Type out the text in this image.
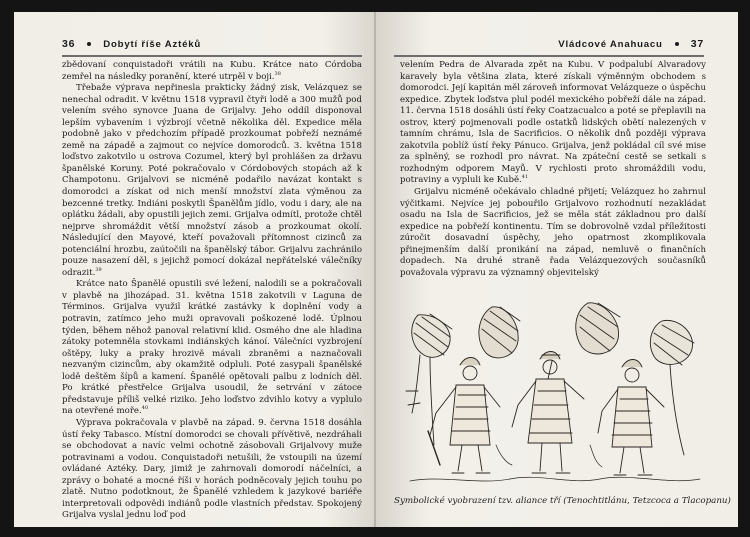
36	Dobytí říše Aztéků

zbědovaní conquistadoři vrátili na Kubu. Krátce nato Córdoba zemřel na následky poranění, které utrpěl v boji.$^{38}$

Třebaže výprava nepřinesla prakticky žádný zisk, Velázquez se nenechal odradit. V květnu 1518 vypravil čtyři lodě a 300 mužů pod velením svého synovce Juana de Grijalvy. Jeho oddíl disponoval lepším vybavením i výzbrojí včetně několika děl. Expedice měla podobně jako v předchozím případě prozkoumat pobřeží neznámé země na západě a zajmout co nejvíce domorodců. 3. května 1518 loďstvo zakotvilo u ostrova Cozumel, který byl prohlášen za državu španělské Koruny. Poté pokračovalo v Córdobových stopách až k Champotonu. Grijalvovi se nicméně podařilo navázat kontakt s domorodci a získat od nich menší množství zlata výměnou za bezcenné tretky. Indiáni poskytli Španělům jídlo, vodu i dary, ale na oplátku žádali, aby opustili jejich zemi. Grijalva odmítl, protože chtěl nejprve shromáždit větší množství zásob a prozkoumat okolí. Následující den Mayové, kteří považovali přítomnost cizinců za potenciální hrozbu, zaútočili na španělský tábor. Grijalvu zachránilo pouze nasazení děl, s jejichž pomocí dokázal nepřátelské válečníky odrazit.$^{39}$

Krátce nato Španělé opustili své ležení, nalodili se a pokračovali v plavbě na jihozápad. 31. května 1518 zakotvili v Laguna de Términos. Grijalva využil krátké zastávky k doplnění vody a potravin, zatímco jeho muži opravovali poškozené lodě. Úplnou týden, během něhož panoval relativní klid. Osmého dne ale hladina zátoky potemněla stovkami indiánských kánoí. Válečníci vyzbrojení oštěpy, luky a praky hrozivě mávali zbraněmi a naznačovali nezvaným cizincům, aby okamžitě odpluli. Poté zasypali španělské lodě deštěm šípů a kamení. Španělé opětovali palbu z lodních děl. Po krátké přestřelce Grijalva usoudil, že setrvání v zátoce představuje příliš velké riziko. Jeho loďstvo zdvihlo kotvy a vyplulo na otevřené moře.$^{40}$

Výprava pokračovala v plavbě na západ. 9. června 1518 dosáhla ústí řeky Tabasco. Místní domorodci se chovali přívětivě, nezdráhali se obchodovat a navíc velmi ochotně zásobovali Grijalvovy muže potravinami a vodou. Conquistadoři netušili, že vstoupili na území ovládané Aztéky. Dary, jimiž je zahrnovali domorodí náčelníci, a zprávy o bohaté a mocné říši v horách podněcovaly jejich touhu po zlatě. Nutno podotknout, že Španělé vzhledem k jazykové bariéře interpretovali odpovědi indiánů podle vlastních představ. Spokojený Grijalva vyslal jednu loď pod

Vládcové Anahuacu	37

velením Pedra de Alvarada zpět na Kubu. V podpalubí Alvaradovy karavely byla většina zlata, které získali výměnným obchodem s domorodci. Její kapitán měl zároveň informovat Velázqueze o úspěchu expedice. Zbytek loďstva plul podél mexického pobřeží dále na západ. 11. června 1518 dosáhli ústí řeky Coatzacualco a poté se přeplavili na ostrov, který pojmenovali podle ostatků lidských obětí nalezených v tamním chrámu, Isla de Sacrificios. O několik dnů později výprava zakotvila poblíž ústí řeky Pánuco. Grijalva, jenž pokládal cíl své mise za splněný, se rozhodl pro návrat. Na zpáteční cestě se setkali s rozhodným odporem Mayů. V rychlosti proto shromáždili vodu, potraviny a vypluli ke Kubě.$^{41}$

Grijalvu nicméně očekávalo chladné přijetí; Velázquez ho zahrnul výčitkami. Nejvíce jej pobouřilo Grijalvovo rozhodnutí nezakládat osadu na Isla de Sacrificios, jež se měla stát základnou pro další expedice na pobřeží kontinentu. Tím se dobrovolně vzdal příležitosti zúročit dosavadní úspěchy, jeho opatrnost zkomplikovala přinejmenším další pronikání na západ, nemluvě o finančních dopadech. Na druhé straně řada Velázquezových současníků považovala výpravu za významný objevitelský

Symbolické vyobrazení tzv. aliance tří (Tenochtitlánu, Tetzcoca a Tlacopanu)
